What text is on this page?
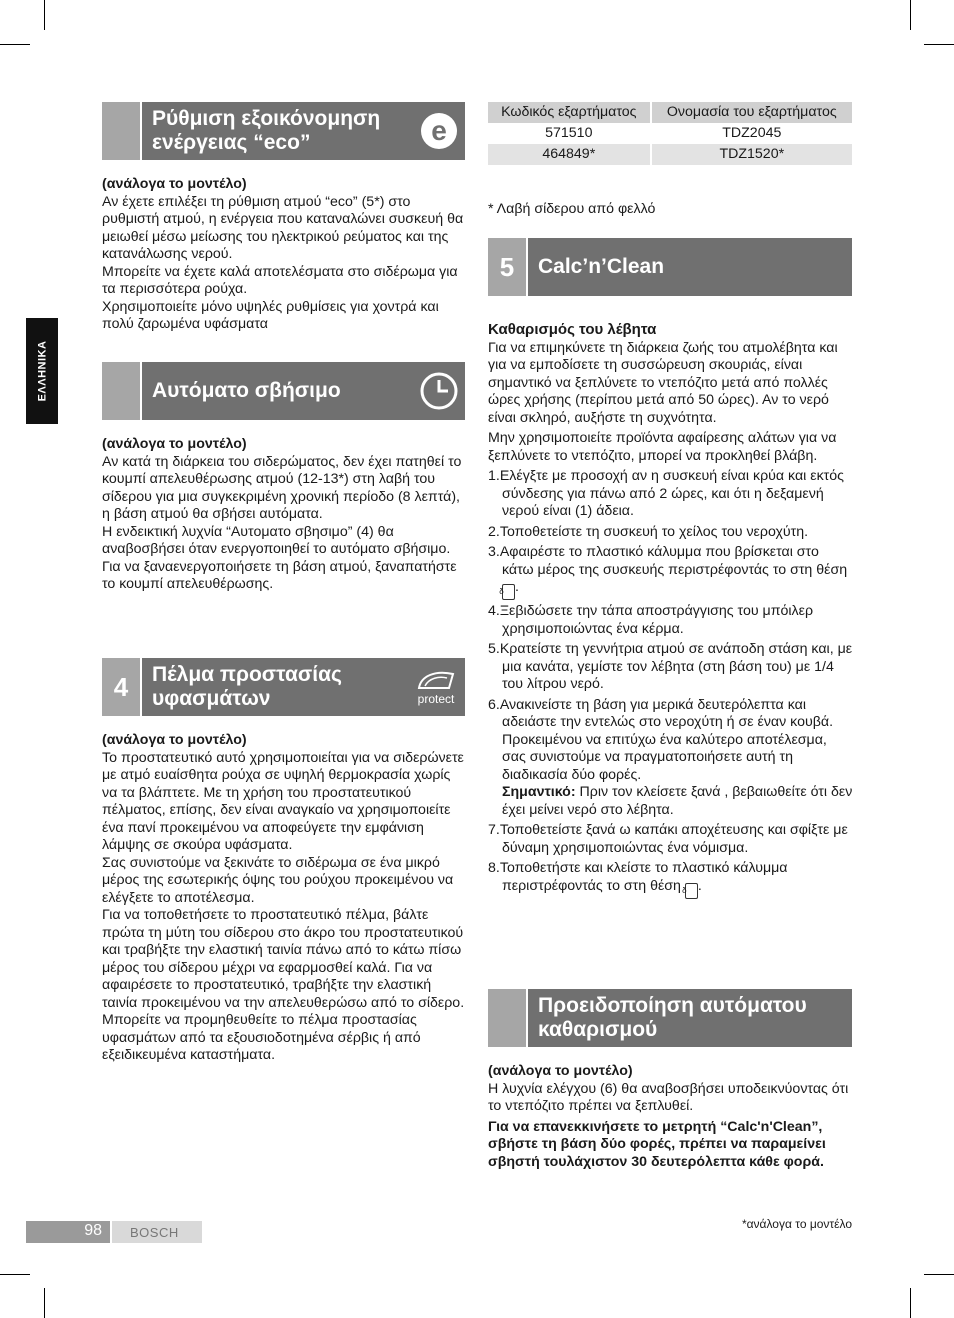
ΕΛΛΗΝΙΚΑ
Ρύθμιση εξοικόνομηση ενέργειας “eco”	e

(ανάλογα το μοντέλο)

Αν έχετε επιλέξει τη ρύθμιση ατμού “eco” (5*) στο ρυθμιστή ατμού, η ενέργεια που καταναλώνει συσκευή θα μειωθεί μέσω μείωσης του ηλεκτρικού ρεύματος και της κατανάλωσης νερού.

Μπορείτε να έχετε καλά αποτελέσματα στο σιδέρωμα για τα περισσότερα ρούχα.

Χρησιμοποιείτε μόνο υψηλές ρυθμίσεις για χοντρά και πολύ ζαρωμένα υφάσματα

Αυτόματο σβήσιμο

(ανάλογα το μοντέλο)

Αν κατά τη διάρκεια του σιδερώματος, δεν έχει πατηθεί το κουμπί απελευθέρωσης ατμού (12-13*) στη λαβή του σίδερου για μια συγκεκριμένη χρονική περίοδο (8 λεπτά), η βάση ατμού θα σβήσει αυτόματα.

Η ενδεικτική λυχνία “Αυτοματο σβησιμο” (4) θα αναβοσβήσει όταν ενεργοποιηθεί το αυτόματο σβήσιμο.

Για να ξαναενεργοποιήσετε τη βάση ατμού, ξαναπατήστε το κουμπί απελευθέρωσης.

4	Πέλμα προστασίας υφασμάτων	protect

(ανάλογα το μοντέλο)

Το προστατευτικό αυτό χρησιμοποιείται για να σιδερώνετε με ατμό ευαίσθητα ρούχα σε υψηλή θερμοκρασία χωρίς να τα βλάπτετε. Με τη χρήση του προστατευτικού πέλματος, επίσης, δεν είναι αναγκαίο να χρησιμοποιείτε ένα πανί προκειμένου να αποφεύγετε την εμφάνιση λάμψης σε σκούρα υφάσματα.

Σας συνιστούμε να ξεκινάτε το σιδέρωμα σε ένα μικρό μέρος της εσωτερικής όψης του ρούχου προκειμένου να ελέγξετε το αποτέλεσμα.

Για να τοποθετήσετε το προστατευτικό πέλμα, βάλτε πρώτα τη μύτη του σίδερου στο άκρο του προστατευτικού και τραβήξτε την ελαστική ταινία πάνω από το κάτω πίσω μέρος του σίδερου μέχρι να εφαρμοσθεί καλά. Για να αφαιρέσετε το προστατευτικό, τραβήξτε την ελαστική ταινία προκειμένου να την απελευθερώσω από το σίδερο.

Μπορείτε να προμηθευθείτε το πέλμα προστασίας υφασμάτων από τα εξουσιοδοτημένα σέρβις ή από εξειδικευμένα καταστήματα.

Κωδικός εξαρτήματος	Ονομασία του εξαρτήματος
571510	TDZ2045
464849*	TDZ1520*
* Λαβή σίδερου από φελλό
5	Calc’n’Clean

Καθαρισμός του λέβητα

Για να επιμηκύνετε τη διάρκεια ζωής του ατμολέβητα και για να εμποδίσετε τη συσσώρευση σκουριάς, είναι σημαντικό να ξεπλύνετε το ντεπόζιτο μετά από πολλές ώρες χρήσης (περίπου μετά από 50 ώρες). Αν το νερό είναι σκληρό, αυξήστε τη συχνότητα.

Μην χρησιμοποιείτε προϊόντα αφαίρεσης αλάτων για να ξεπλύνετε το ντεπόζιτο, μπορεί να προκληθεί βλάβη.

1.Ελέγξτε με προσοχή αν η συσκευή είναι κρύα και εκτός σύνδεσης για πάνω από 2 ώρες, και ότι η δεξαμενή νερού είναι (1) άδεια.

2.Τοποθετείστε τη συσκευή το χείλος του νεροχύτη.

3.Αφαιρέστε το πλαστικό κάλυμμα που βρίσκεται στο κάτω μέρος της συσκευής περιστρέφοντάς το στη θέση δ .

4.Ξεβιδώσετε την τάπα αποστράγγισης του μπόιλερ χρησιμοποιώντας ένα κέρμα.

5.Κρατείστε τη γεννήτρια ατμού σε ανάποδη στάση και, με μια κανάτα, γεμίστε τον λέβητα (στη βάση του) με 1/4 του λίτρου νερό.

6.Ανακινείστε τη βάση για μερικά δευτερόλεπτα και αδειάστε την εντελώς στο νεροχύτη ή σε έναν κουβά. Προκειμένου να επιτύχω ένα καλύτερο αποτέλεσμα, σας συνιστούμε να πραγματοποιήσετε αυτή τη διαδικασία δύο φορές.

Σημαντικό: Πριν τον κλείσετε ξανά , βεβαιωθείτε ότι δεν έχει μείνει νερό στο λέβητα.

7.Τοποθετείστε ξανά ω καπάκι αποχέτευσης και σφίξτε με δύναμη χρησιμοποιώντας ένα νόμισμα.

8.Τοποθετήστε και κλείστε το πλαστικό κάλυμμα περιστρέφοντάς το στη θέση δ .

Προειδοποίηση αυτόματου καθαρισμού

(ανάλογα το μοντέλο)

Η λυχνία ελέγχου (6) θα αναβοσβήσει υποδεικνύοντας ότι το ντεπόζιτο πρέπει να ξεπλυθεί.

Για να επανεκκινήσετε το μετρητή “Calc'n'Clean”, σβήστε τη βάση δύο φορές, πρέπει να παραμείνει σβηστή τουλάχιστον 30 δευτερόλεπτα κάθε φορά.

98	BOSCH
*ανάλογα το μοντέλο
